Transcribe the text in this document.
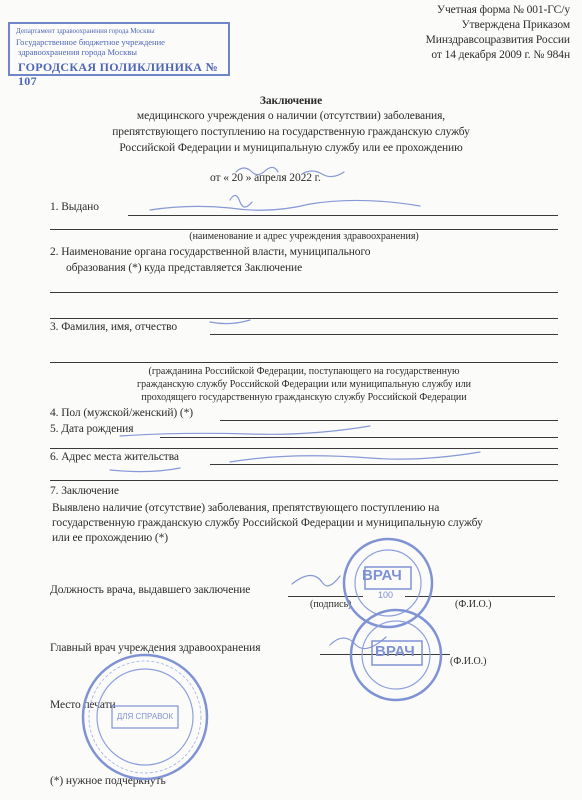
Департамент здравоохранения города Москвы
Государственное бюджетное учреждение
здравоохранения города Москвы
ГОРОДСКАЯ ПОЛИКЛИНИКА № 107
Учетная форма № 001-ГС/у
Утверждена Приказом
Минздравсоцразвития России
от 14 декабря 2009 г. № 984н
Заключение
медицинского учреждения о наличии (отсутствии) заболевания,
препятствующего поступлению на государственную гражданскую службу
Российской Федерации и муниципальную службу или ее прохождению
от « 20 » апреля 2022 г.
1. Выдано
(наименование и адрес учреждения здравоохранения)
2. Наименование органа государственной власти, муниципального
образования (*) куда представляется Заключение
3. Фамилия, имя, отчество
(гражданина Российской Федерации, поступающего на государственную
гражданскую службу Российской Федерации или муниципальную службу или
проходящего государственную гражданскую службу Российской Федерации
4. Пол (мужской/женский) (*)
5. Дата рождения
6. Адрес места жительства
7. Заключение
Выявлено наличие (отсутствие) заболевания, препятствующего поступлению на
государственную гражданскую службу Российской Федерации и муниципальную службу
или ее прохождению (*)
Должность врача, выдавшего заключение
(подпись)	(Ф.И.О.)
Главный врач учреждения здравоохранения
(Ф.И.О.)
Место печати
(*) нужное подчеркнуть
ВРАЧ
100
ВРАЧ
ДЛЯ СПРАВОК
